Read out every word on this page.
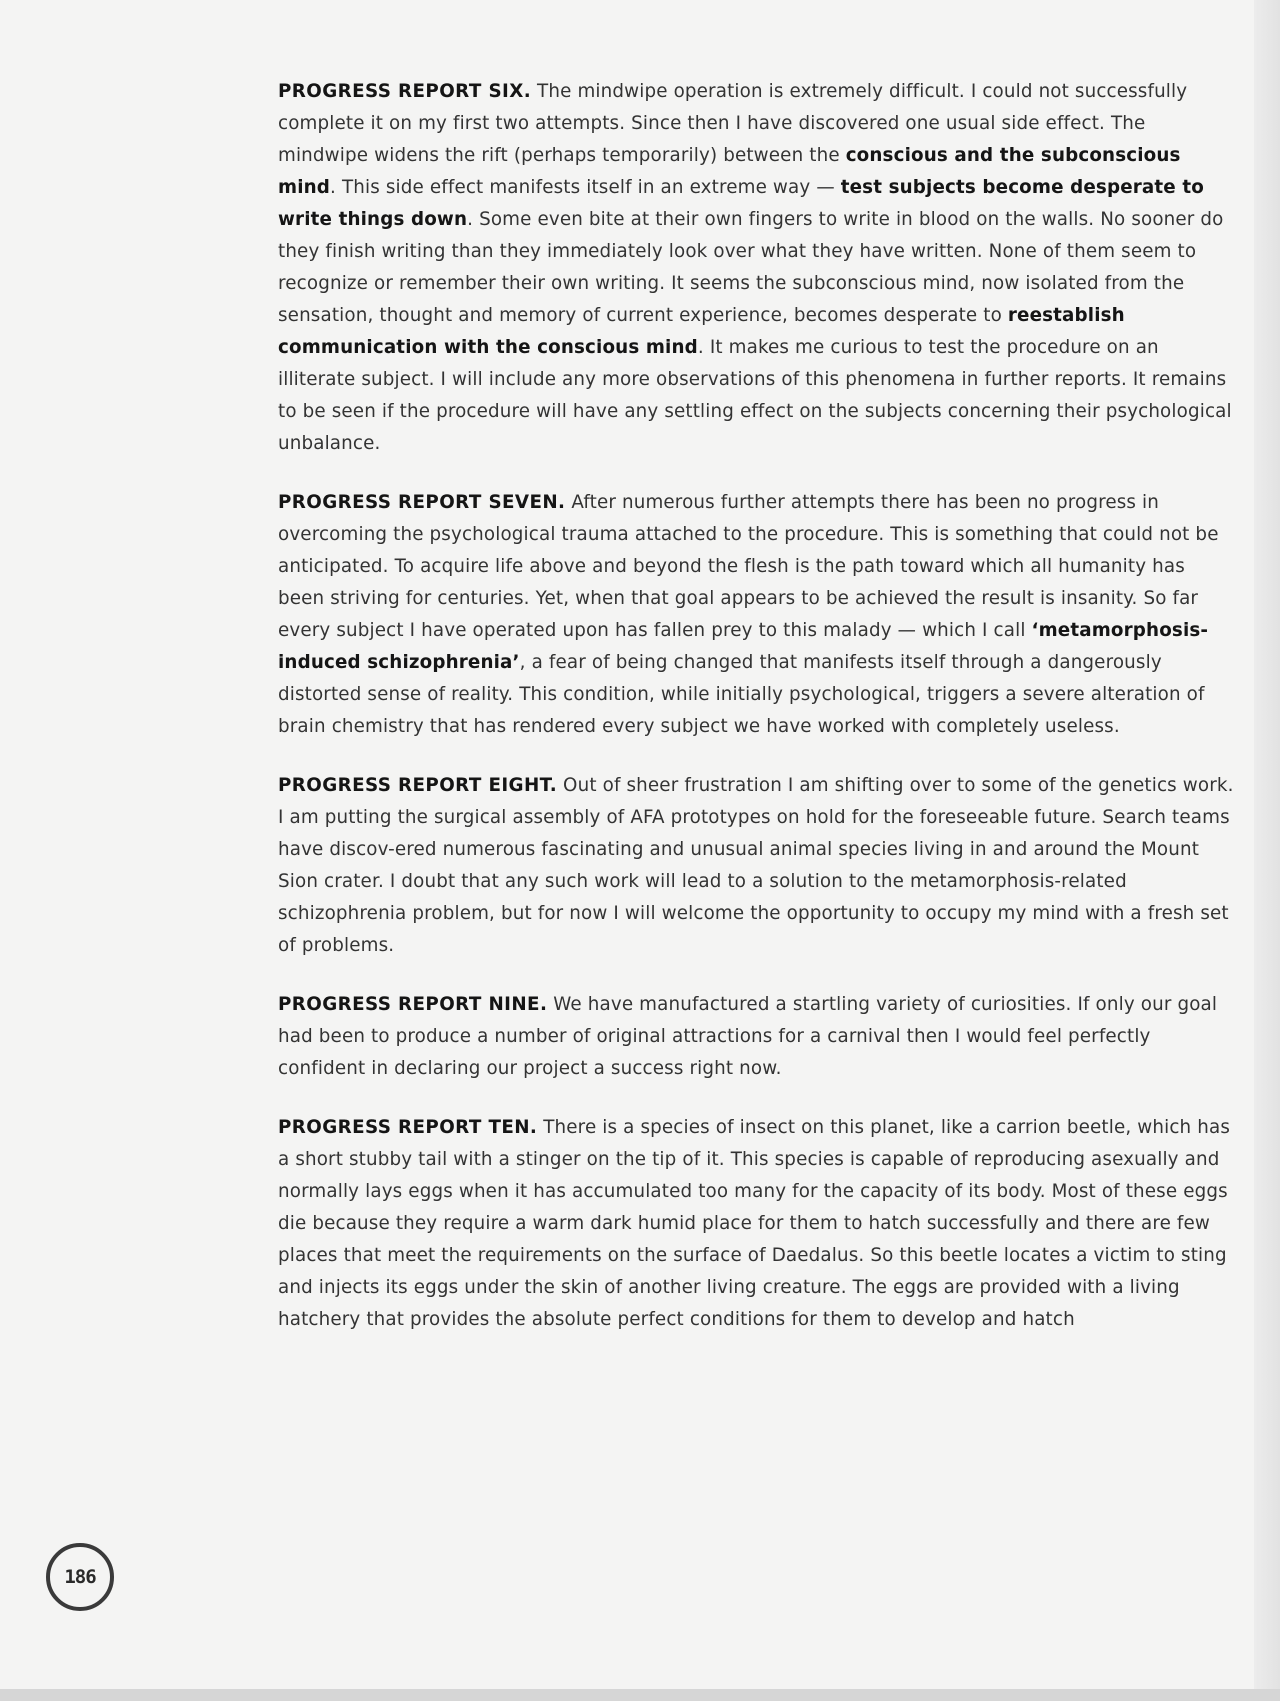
PROGRESS REPORT SIX. The mindwipe operation is extremely difficult. I could not successfully complete it on my first two attempts. Since then I have discovered one usual side effect. The mindwipe widens the rift (perhaps temporarily) between the conscious and the subconscious mind. This side effect manifests itself in an extreme way — test subjects become desperate to write things down. Some even bite at their own fingers to write in blood on the walls. No sooner do they finish writing than they immediately look over what they have written. None of them seem to recognize or remember their own writing. It seems the subconscious mind, now isolated from the sensation, thought and memory of current experience, becomes desperate to reestablish communication with the conscious mind. It makes me curious to test the procedure on an illiterate subject. I will include any more observations of this phenomena in further reports. It remains to be seen if the procedure will have any settling effect on the subjects concerning their psychological unbalance.

PROGRESS REPORT SEVEN. After numerous further attempts there has been no progress in overcoming the psychological trauma attached to the procedure. This is something that could not be anticipated. To acquire life above and beyond the flesh is the path toward which all humanity has been striving for centuries. Yet, when that goal appears to be achieved the result is insanity. So far every subject I have operated upon has fallen prey to this malady — which I call ‘metamorphosis-induced schizophrenia’, a fear of being changed that manifests itself through a dangerously distorted sense of reality. This condition, while initially psychological, triggers a severe alteration of brain chemistry that has rendered every subject we have worked with completely useless.

PROGRESS REPORT EIGHT. Out of sheer frustration I am shifting over to some of the genetics work. I am putting the surgical assembly of AFA prototypes on hold for the foreseeable future. Search teams have discov-ered numerous fascinating and unusual animal species living in and around the Mount Sion crater. I doubt that any such work will lead to a solution to the metamorphosis-related schizophrenia problem, but for now I will welcome the opportunity to occupy my mind with a fresh set of problems.

PROGRESS REPORT NINE. We have manufactured a startling variety of curiosities. If only our goal had been to produce a number of original attractions for a carnival then I would feel perfectly confident in declaring our project a success right now.

PROGRESS REPORT TEN. There is a species of insect on this planet, like a carrion beetle, which has a short stubby tail with a stinger on the tip of it. This species is capable of reproducing asexually and normally lays eggs when it has accumulated too many for the capacity of its body. Most of these eggs die because they require a warm dark humid place for them to hatch successfully and there are few places that meet the requirements on the surface of Daedalus. So this beetle locates a victim to sting and injects its eggs under the skin of another living creature. The eggs are provided with a living hatchery that provides the absolute perfect conditions for them to develop and hatch

186
